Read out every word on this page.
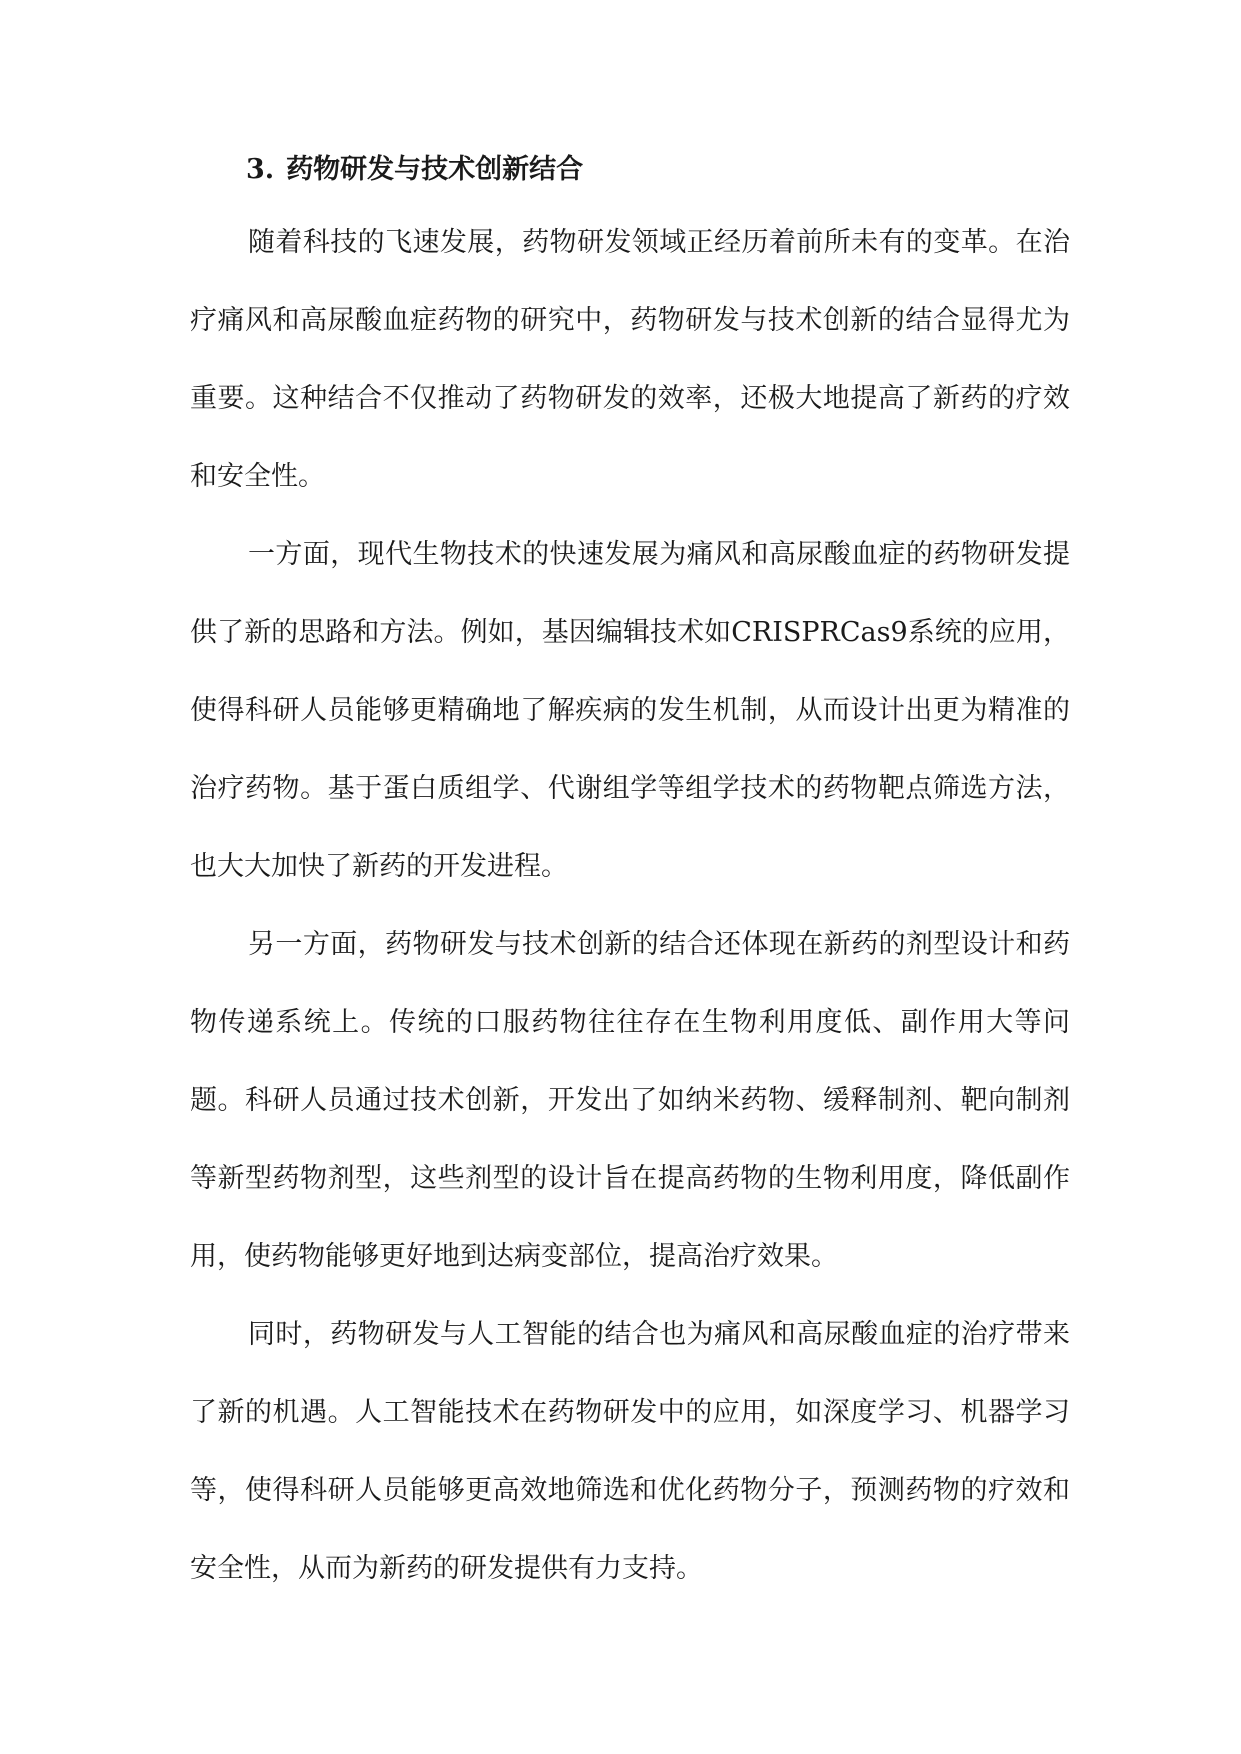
3. 药物研发与技术创新结合

随着科技的飞速发展，药物研发领域正经历着前所未有的变革。在治疗痛风和高尿酸血症药物的研究中，药物研发与技术创新的结合显得尤为重要。这种结合不仅推动了药物研发的效率，还极大地提高了新药的疗效和安全性。

一方面，现代生物技术的快速发展为痛风和高尿酸血症的药物研发提供了新的思路和方法。例如，基因编辑技术如CRISPRCas9系统的应用，使得科研人员能够更精确地了解疾病的发生机制，从而设计出更为精准的治疗药物。基于蛋白质组学、代谢组学等组学技术的药物靶点筛选方法，也大大加快了新药的开发进程。

另一方面，药物研发与技术创新的结合还体现在新药的剂型设计和药物传递系统上。传统的口服药物往往存在生物利用度低、副作用大等问题。科研人员通过技术创新，开发出了如纳米药物、缓释制剂、靶向制剂等新型药物剂型，这些剂型的设计旨在提高药物的生物利用度，降低副作用，使药物能够更好地到达病变部位，提高治疗效果。

同时，药物研发与人工智能的结合也为痛风和高尿酸血症的治疗带来了新的机遇。人工智能技术在药物研发中的应用，如深度学习、机器学习等，使得科研人员能够更高效地筛选和优化药物分子，预测药物的疗效和安全性，从而为新药的研发提供有力支持。
